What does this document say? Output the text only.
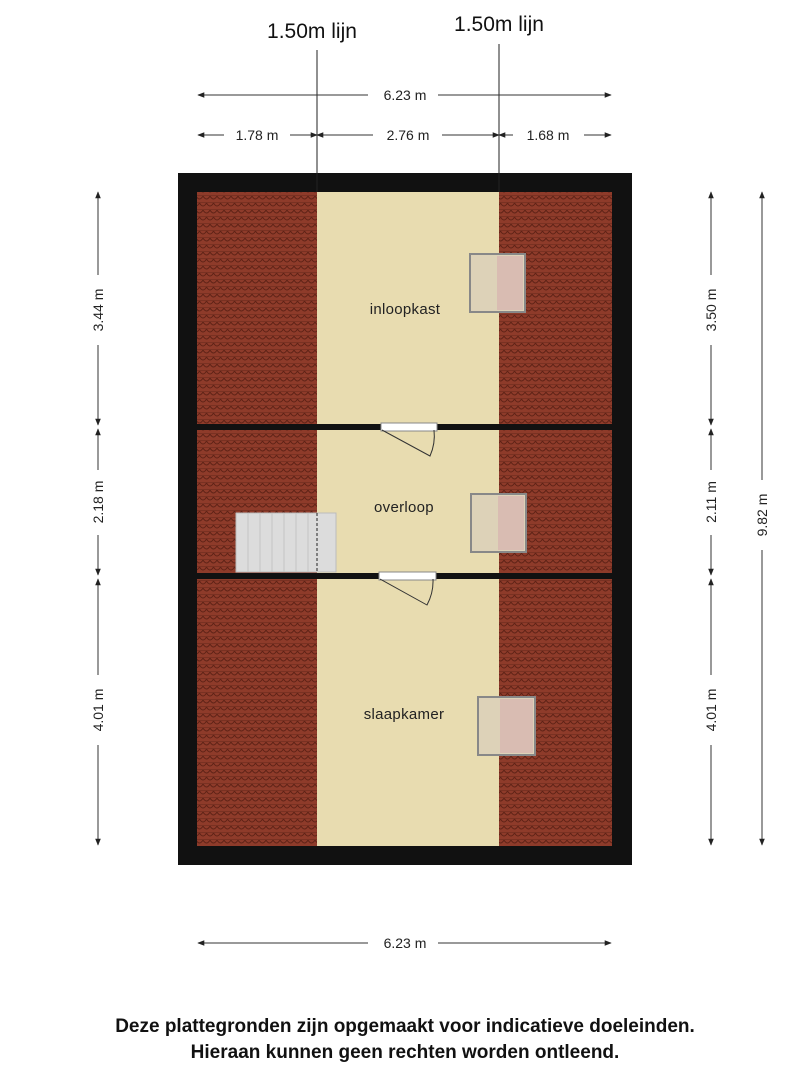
1.50m lijn	1.50m lijn
6.23 m
1.78 m	2.76 m	1.68 m
6.23 m
3.44 m
2.18 m
4.01 m
3.50 m
2.11 m
4.01 m
9.82 m
inloopkast
overloop
slaapkamer
Deze plattegronden zijn opgemaakt voor indicatieve doeleinden.
Hieraan kunnen geen rechten worden ontleend.
